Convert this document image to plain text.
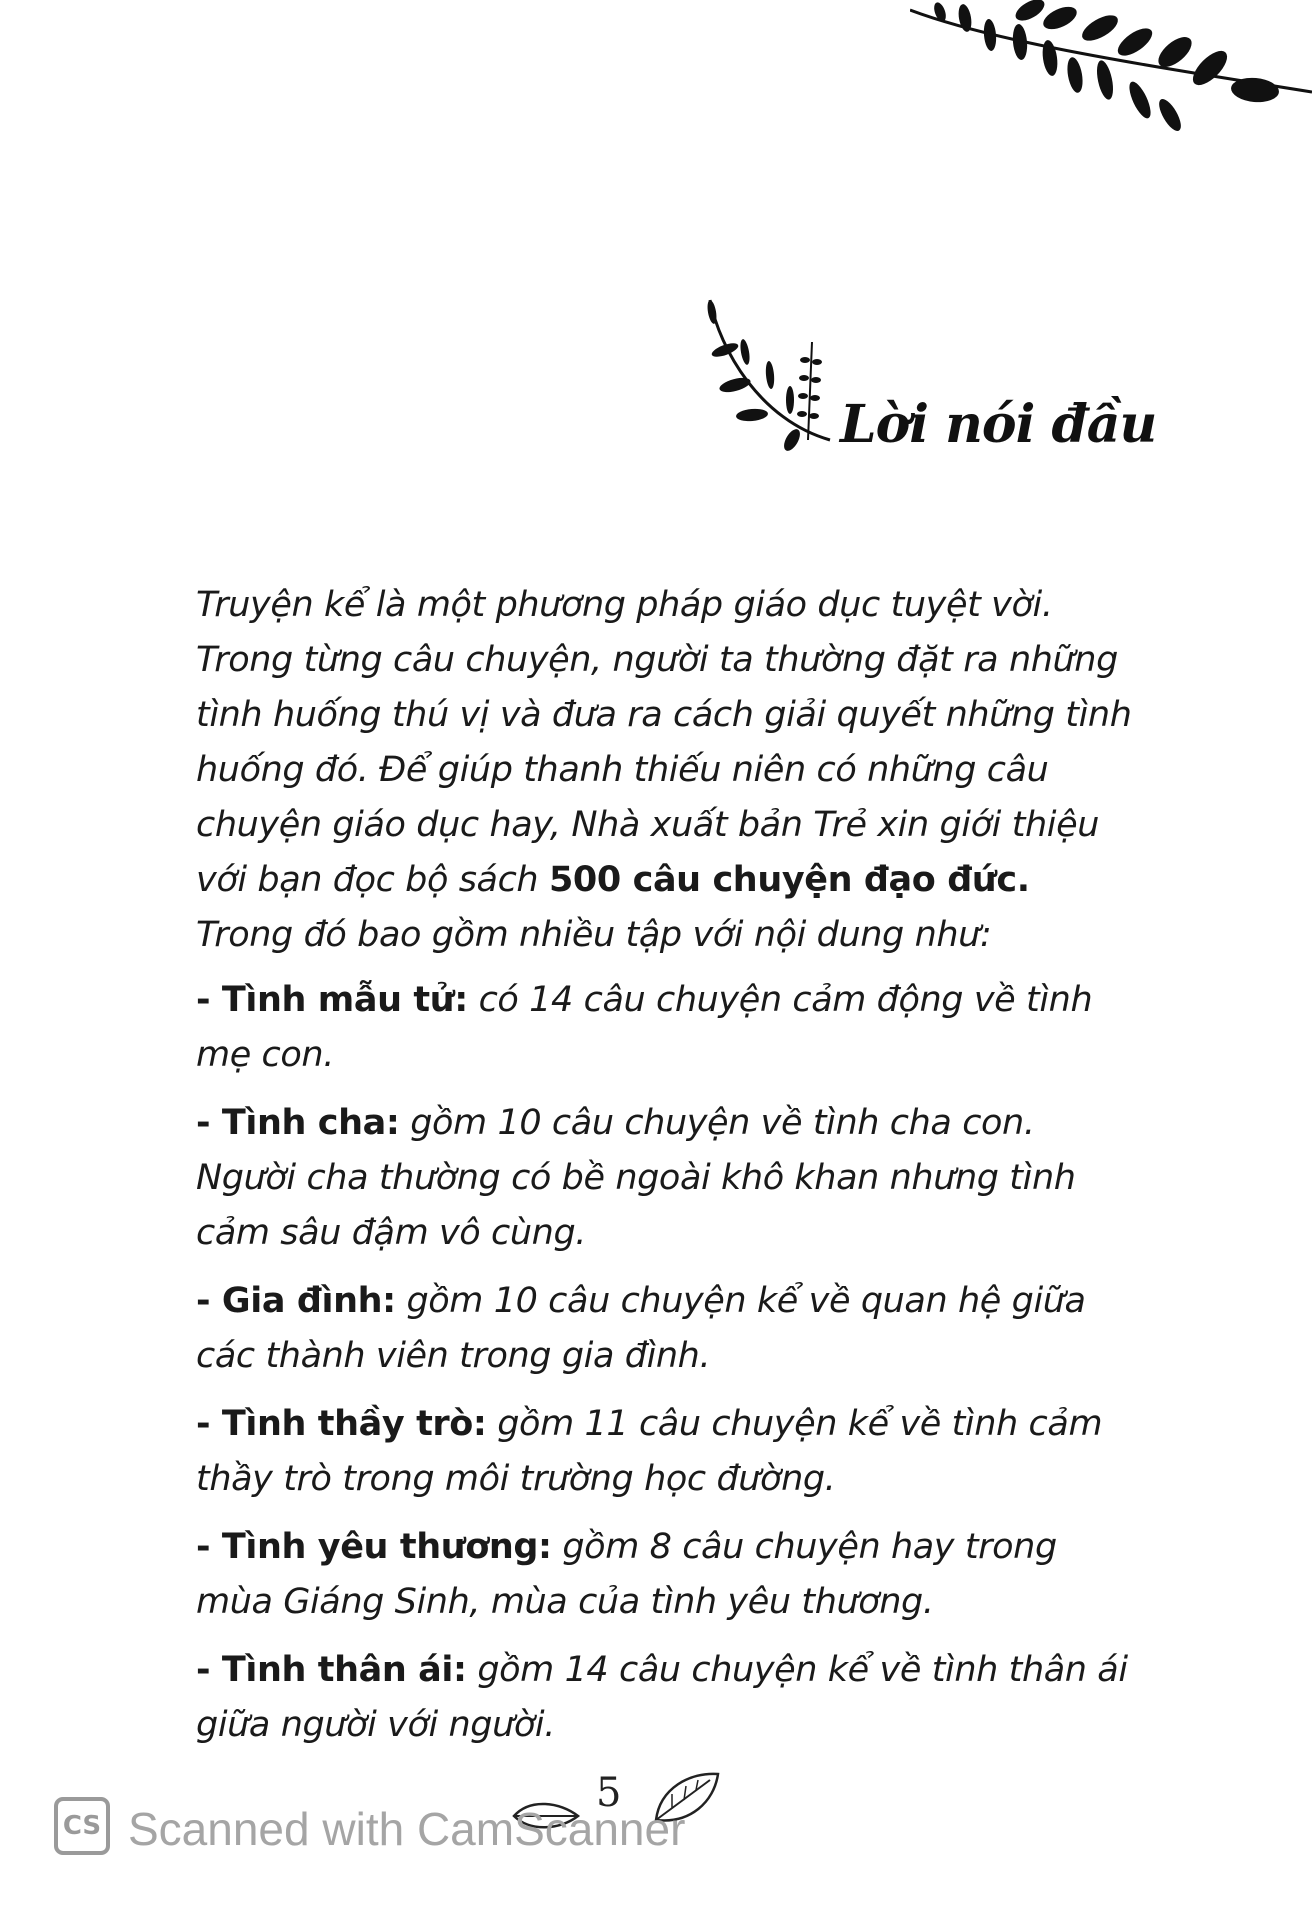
Lời nói đầu

Truyện kể là một phương pháp giáo dục tuyệt vời. Trong từng câu chuyện, người ta thường đặt ra những tình huống thú vị và đưa ra cách giải quyết những tình huống đó. Để giúp thanh thiếu niên có những câu chuyện giáo dục hay, Nhà xuất bản Trẻ xin giới thiệu với bạn đọc bộ sách 500 câu chuyện đạo đức. Trong đó bao gồm nhiều tập với nội dung như:

- Tình mẫu tử: có 14 câu chuyện cảm động về tình mẹ con.

- Tình cha: gồm 10 câu chuyện về tình cha con. Người cha thường có bề ngoài khô khan nhưng tình cảm sâu đậm vô cùng.

- Gia đình: gồm 10 câu chuyện kể về quan hệ giữa các thành viên trong gia đình.

- Tình thầy trò: gồm 11 câu chuyện kể về tình cảm thầy trò trong môi trường học đường.

- Tình yêu thương: gồm 8 câu chuyện hay trong mùa Giáng Sinh, mùa của tình yêu thương.

- Tình thân ái: gồm 14 câu chuyện kể về tình thân ái giữa người với người.

5
CS Scanned with CamScanner
